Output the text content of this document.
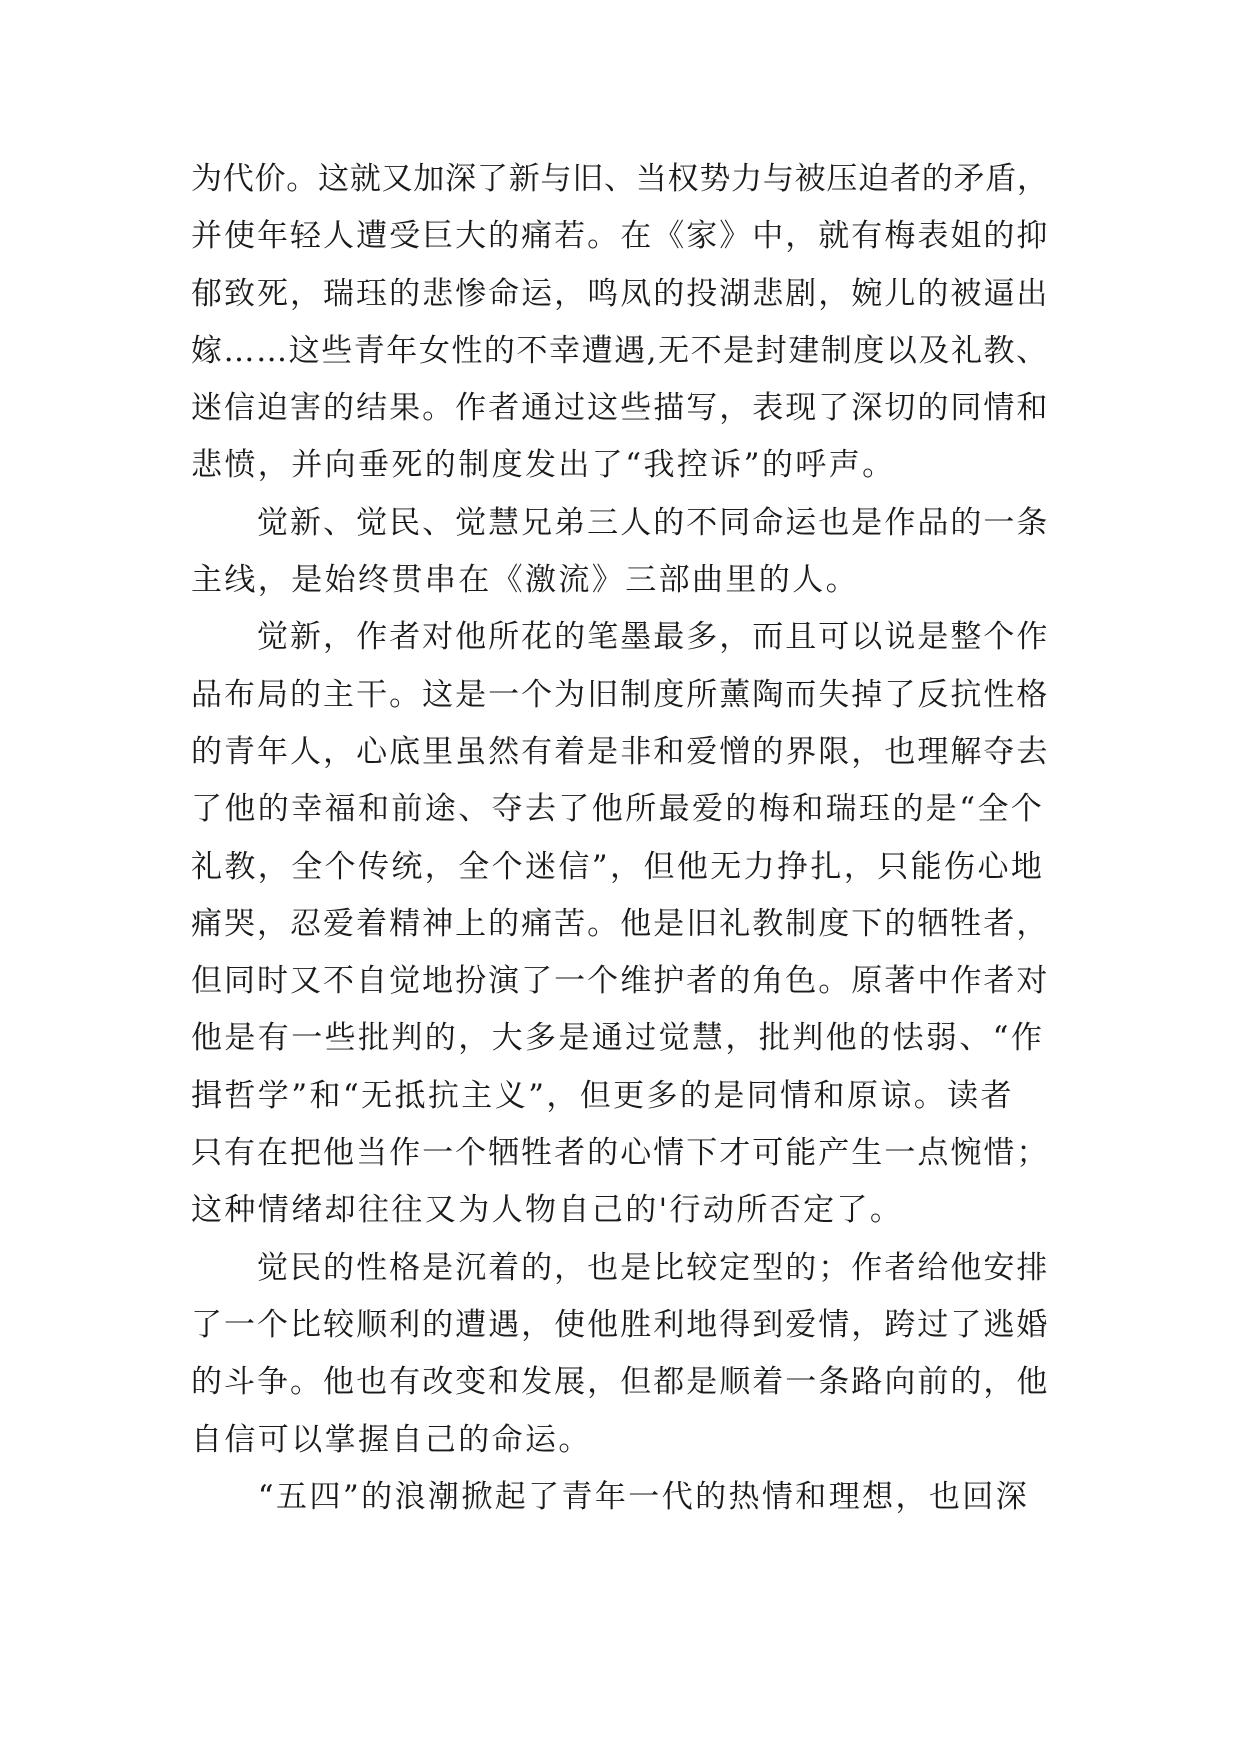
为代价。这就又加深了新与旧、当权势力与被压迫者的矛盾，
并使年轻人遭受巨大的痛若。在《家》中，就有梅表姐的抑
郁致死，瑞珏的悲惨命运，鸣凤的投湖悲剧，婉儿的被逼出
嫁……这些青年女性的不幸遭遇,无不是封建制度以及礼教、
迷信迫害的结果。作者通过这些描写，表现了深切的同情和
悲愤，并向垂死的制度发出了“我控诉”的呼声。
　　觉新、觉民、觉慧兄弟三人的不同命运也是作品的一条
主线，是始终贯串在《激流》三部曲里的人。
　　觉新，作者对他所花的笔墨最多，而且可以说是整个作
品布局的主干。这是一个为旧制度所薰陶而失掉了反抗性格
的青年人，心底里虽然有着是非和爱憎的界限，也理解夺去
了他的幸福和前途、夺去了他所最爱的梅和瑞珏的是“全个
礼教，全个传统，全个迷信”，但他无力挣扎，只能伤心地
痛哭，忍爱着精神上的痛苦。他是旧礼教制度下的牺牲者，
但同时又不自觉地扮演了一个维护者的角色。原著中作者对
他是有一些批判的，大多是通过觉慧，批判他的怯弱、“作
揖哲学”和“无抵抗主义”，但更多的是同情和原谅。读者
只有在把他当作一个牺牲者的心情下才可能产生一点惋惜；
这种情绪却往往又为人物自己的'行动所否定了。
　　觉民的性格是沉着的，也是比较定型的；作者给他安排
了一个比较顺利的遭遇，使他胜利地得到爱情，跨过了逃婚
的斗争。他也有改变和发展，但都是顺着一条路向前的，他
自信可以掌握自己的命运。
　　“五四”的浪潮掀起了青年一代的热情和理想，也回深
